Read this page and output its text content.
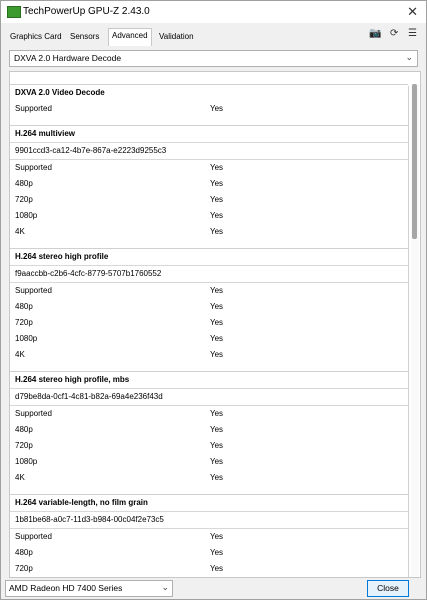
TechPowerUp GPU-Z 2.43.0	✕
Graphics Card	Sensors	Advanced	Validation	📷 ⟳ ☰
DXVA 2.0 Hardware Decode	⌄
DXVA 2.0 Video Decode
Supported	Yes
H.264 multiview
9901ccd3-ca12-4b7e-867a-e2223d9255c3
Supported	Yes
480p	Yes
720p	Yes
1080p	Yes
4K	Yes
H.264 stereo high profile
f9aaccbb-c2b6-4cfc-8779-5707b1760552
Supported	Yes
480p	Yes
720p	Yes
1080p	Yes
4K	Yes
H.264 stereo high profile, mbs
d79be8da-0cf1-4c81-b82a-69a4e236f43d
Supported	Yes
480p	Yes
720p	Yes
1080p	Yes
4K	Yes
H.264 variable-length, no film grain
1b81be68-a0c7-11d3-b984-00c04f2e73c5
Supported	Yes
480p	Yes
720p	Yes
AMD Radeon HD 7400 Series	⌄	Close
